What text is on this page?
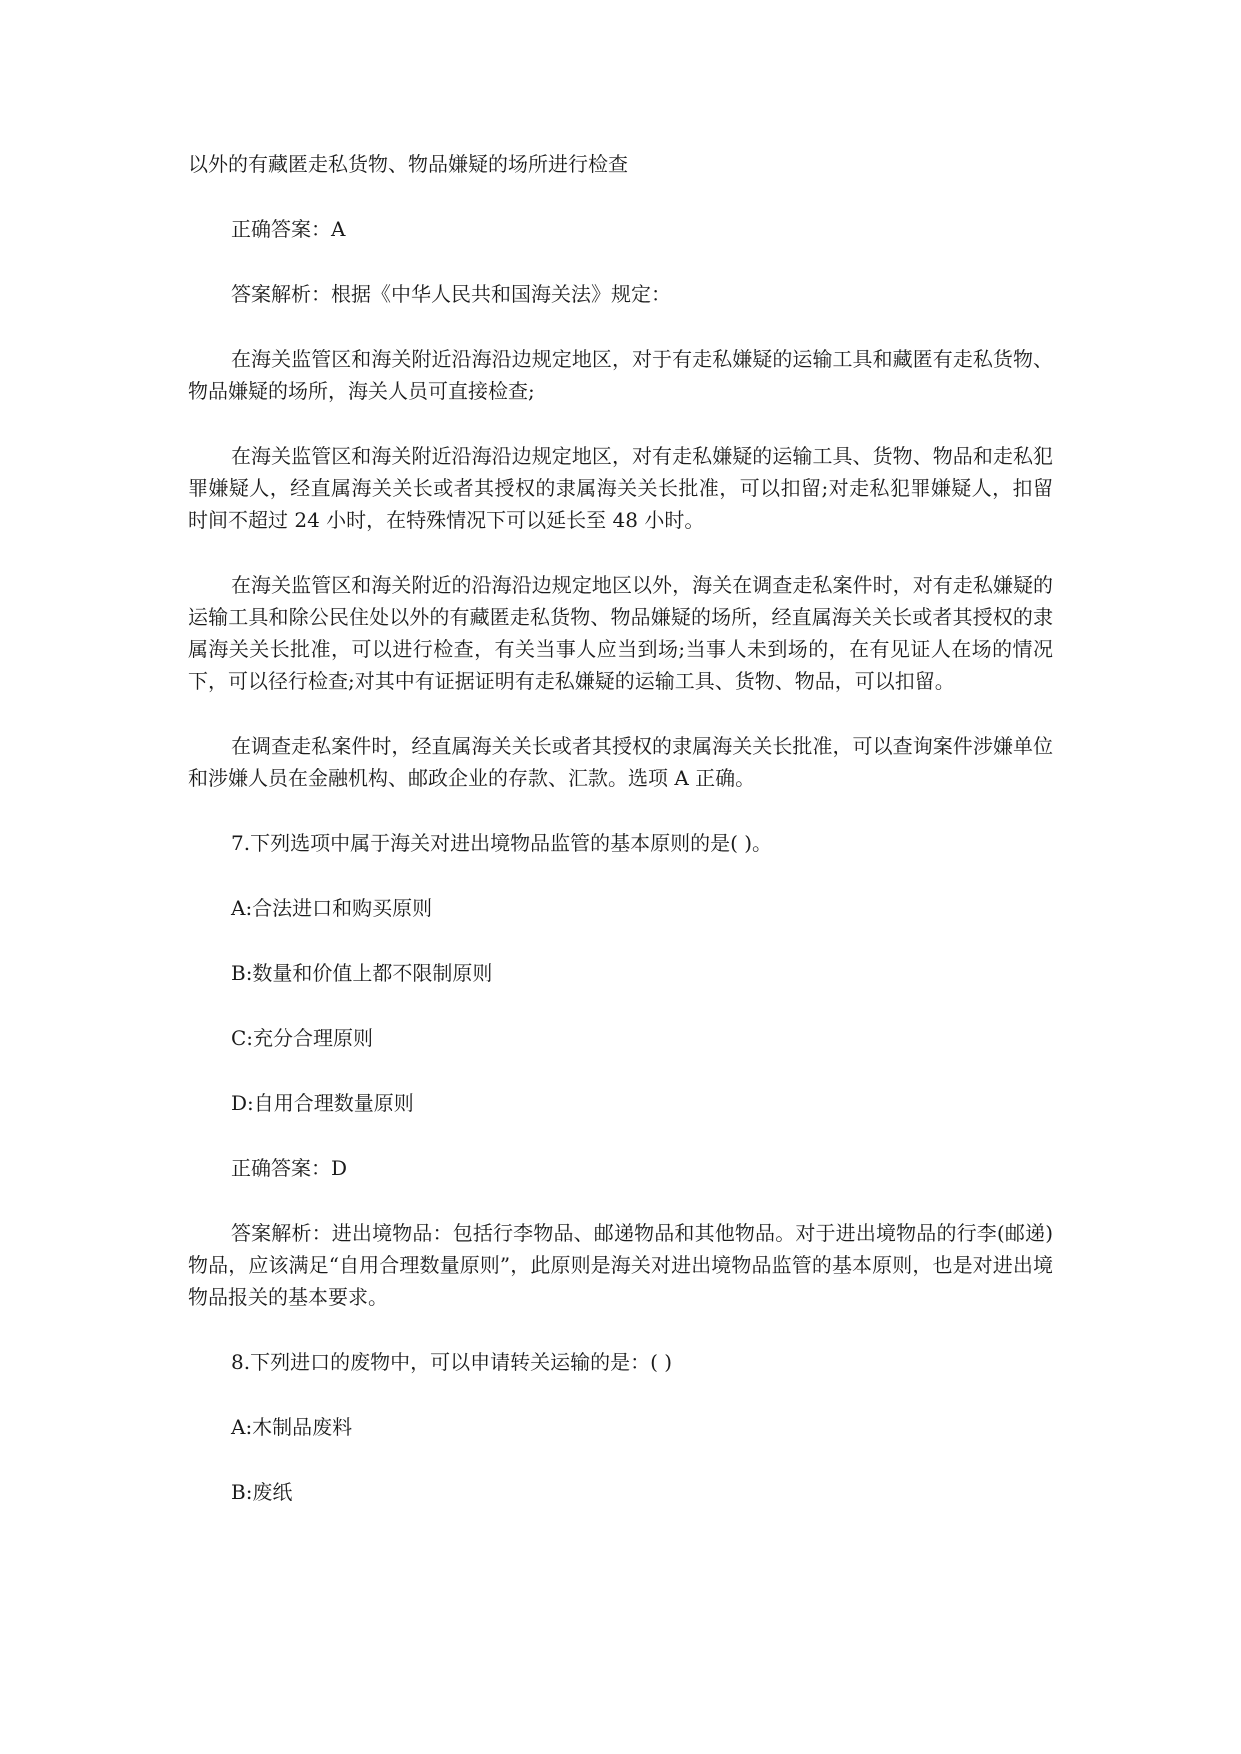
以外的有藏匿走私货物、物品嫌疑的场所进行检查

正确答案：A

答案解析：根据《中华人民共和国海关法》规定：

在海关监管区和海关附近沿海沿边规定地区，对于有走私嫌疑的运输工具和藏匿有走私货物、物品嫌疑的场所，海关人员可直接检查;

在海关监管区和海关附近沿海沿边规定地区，对有走私嫌疑的运输工具、货物、物品和走私犯罪嫌疑人，经直属海关关长或者其授权的隶属海关关长批准，可以扣留;对走私犯罪嫌疑人，扣留时间不超过 24 小时，在特殊情况下可以延长至 48 小时。

在海关监管区和海关附近的沿海沿边规定地区以外，海关在调查走私案件时，对有走私嫌疑的运输工具和除公民住处以外的有藏匿走私货物、物品嫌疑的场所，经直属海关关长或者其授权的隶属海关关长批准，可以进行检查，有关当事人应当到场;当事人未到场的，在有见证人在场的情况下，可以径行检查;对其中有证据证明有走私嫌疑的运输工具、货物、物品，可以扣留。

在调查走私案件时，经直属海关关长或者其授权的隶属海关关长批准，可以查询案件涉嫌单位和涉嫌人员在金融机构、邮政企业的存款、汇款。选项 A 正确。

7.下列选项中属于海关对进出境物品监管的基本原则的是( )。

A:合法进口和购买原则

B:数量和价值上都不限制原则

C:充分合理原则

D:自用合理数量原则

正确答案：D

答案解析：进出境物品：包括行李物品、邮递物品和其他物品。对于进出境物品的行李(邮递)物品，应该满足“自用合理数量原则”，此原则是海关对进出境物品监管的基本原则，也是对进出境物品报关的基本要求。

8.下列进口的废物中，可以申请转关运输的是：( )

A:木制品废料

B:废纸
